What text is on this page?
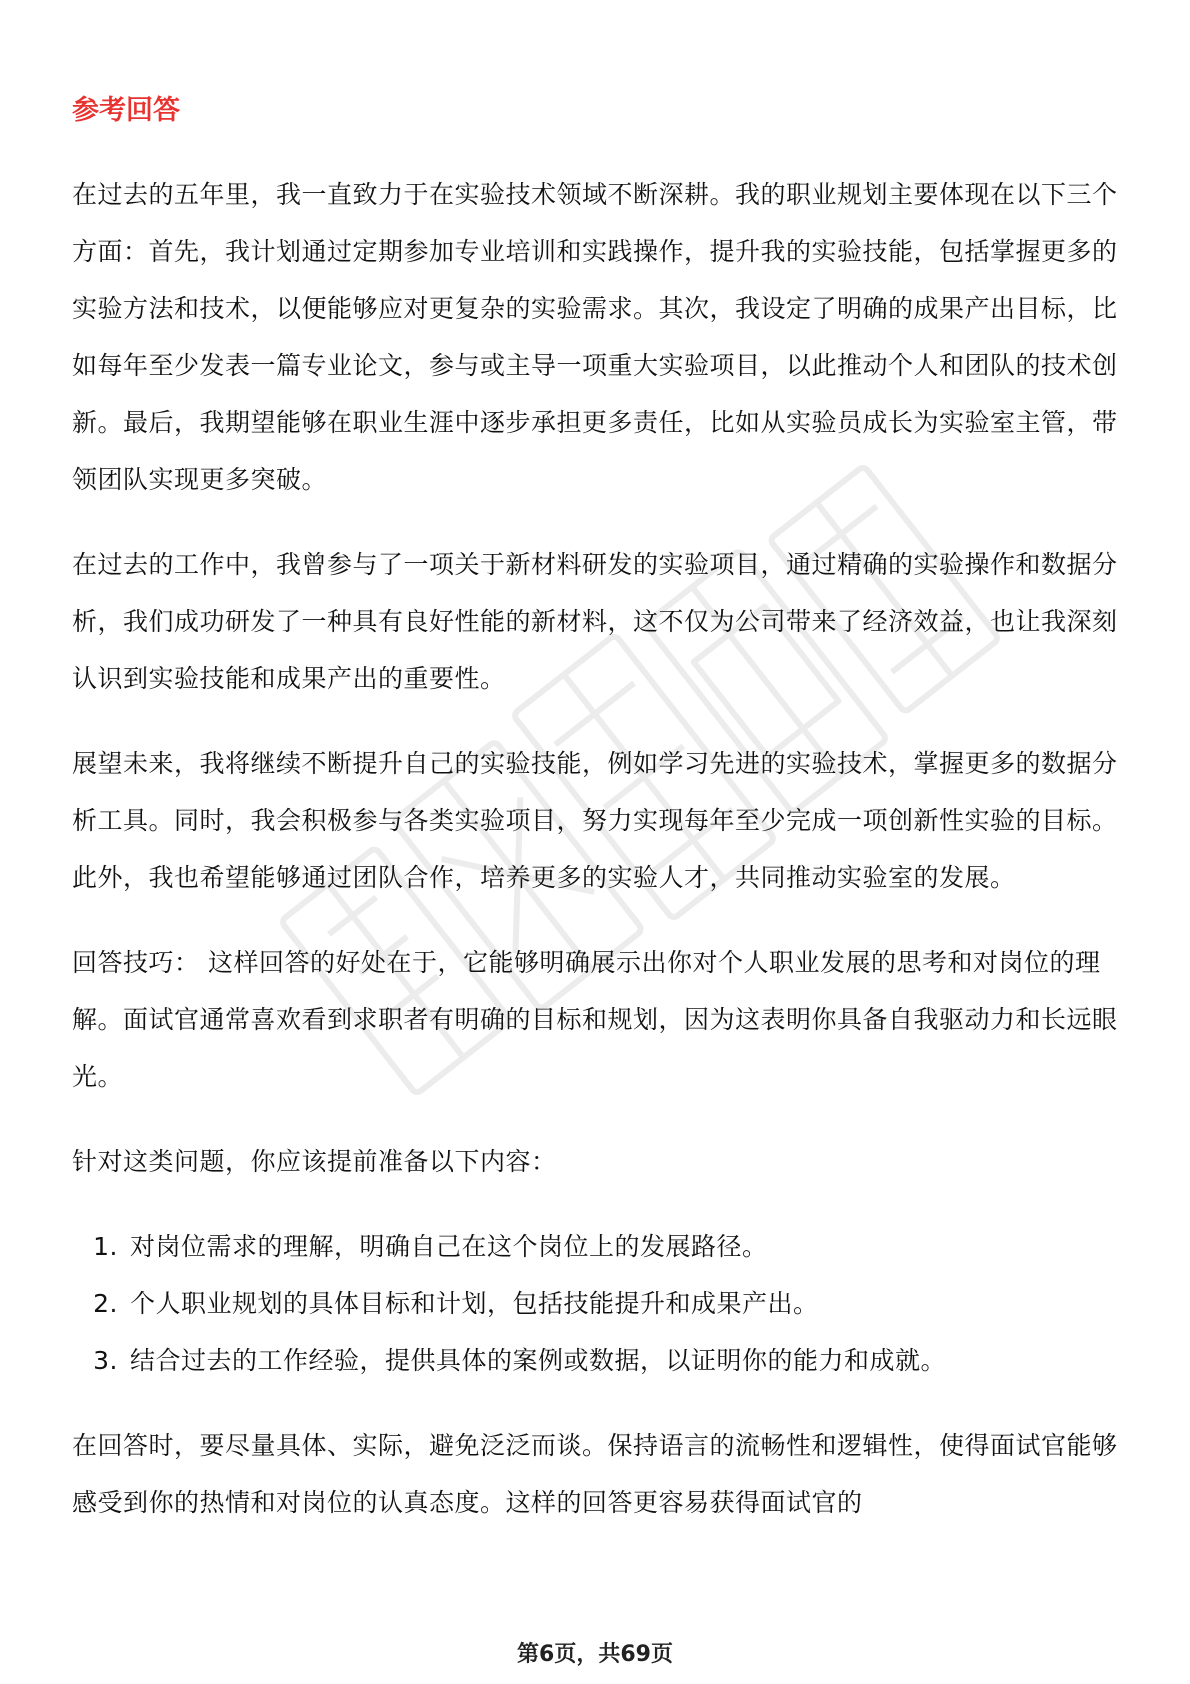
参考回答

在过去的五年里，我一直致力于在实验技术领域不断深耕。我的职业规划主要体现在以下三个方面：首先，我计划通过定期参加专业培训和实践操作，提升我的实验技能，包括掌握更多的实验方法和技术，以便能够应对更复杂的实验需求。其次，我设定了明确的成果产出目标，比如每年至少发表一篇专业论文，参与或主导一项重大实验项目，以此推动个人和团队的技术创新。最后，我期望能够在职业生涯中逐步承担更多责任，比如从实验员成长为实验室主管，带领团队实现更多突破。

在过去的工作中，我曾参与了一项关于新材料研发的实验项目，通过精确的实验操作和数据分析，我们成功研发了一种具有良好性能的新材料，这不仅为公司带来了经济效益，也让我深刻认识到实验技能和成果产出的重要性。

展望未来，我将继续不断提升自己的实验技能，例如学习先进的实验技术，掌握更多的数据分析工具。同时，我会积极参与各类实验项目，努力实现每年至少完成一项创新性实验的目标。此外，我也希望能够通过团队合作，培养更多的实验人才，共同推动实验室的发展。

回答技巧： 这样回答的好处在于，它能够明确展示出你对个人职业发展的思考和对岗位的理解。面试官通常喜欢看到求职者有明确的目标和规划，因为这表明你具备自我驱动力和长远眼光。

针对这类问题，你应该提前准备以下内容：

1. 对岗位需求的理解，明确自己在这个岗位上的发展路径。
2. 个人职业规划的具体目标和计划，包括技能提升和成果产出。
3. 结合过去的工作经验，提供具体的案例或数据，以证明你的能力和成就。

在回答时，要尽量具体、实际，避免泛泛而谈。保持语言的流畅性和逻辑性，使得面试官能够感受到你的热情和对岗位的认真态度。这样的回答更容易获得面试官的

第6页，共69页
